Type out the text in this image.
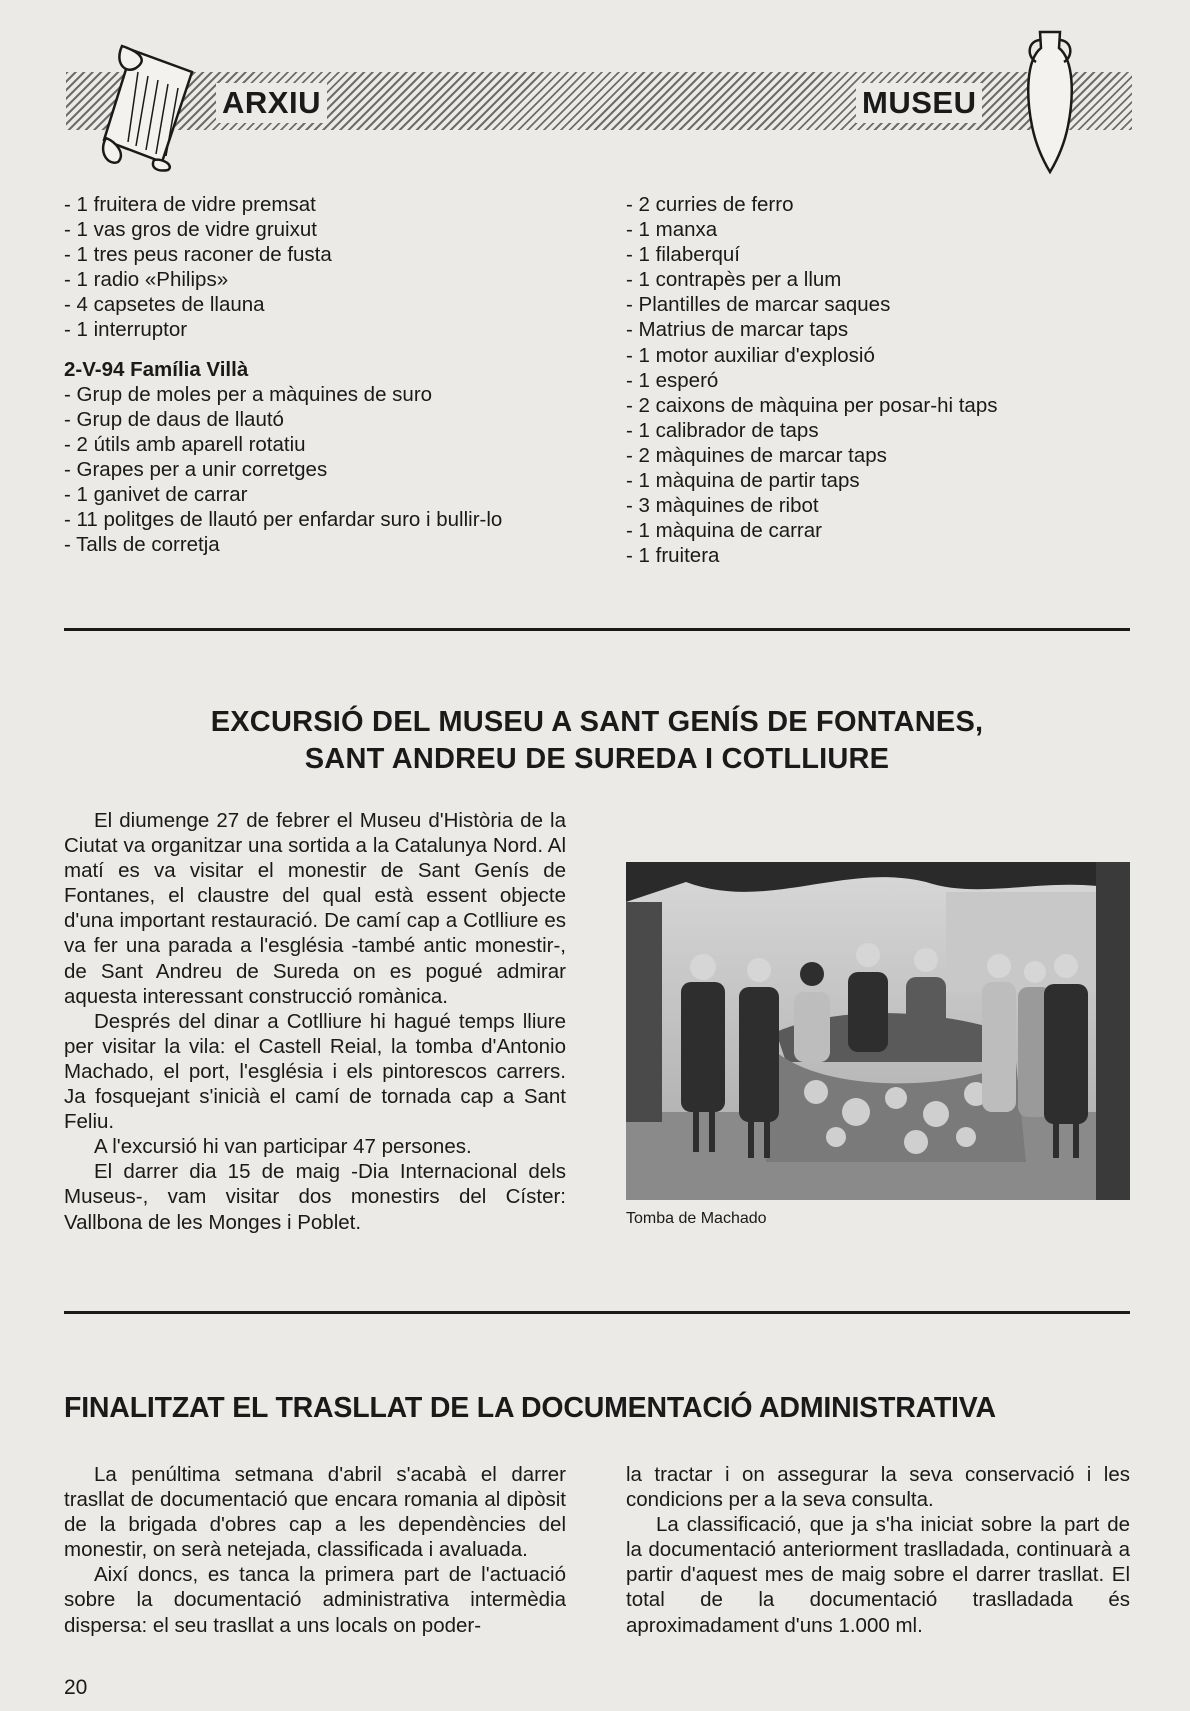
ARXIU	MUSEU
- 1 fruitera de vidre premsat
- 1 vas gros de vidre gruixut
- 1 tres peus raconer de fusta
- 1 radio «Philips»
- 4 capsetes de llauna
- 1 interruptor
2-V-94 Família Villà
- Grup de moles per a màquines de suro
- Grup de daus de llautó
- 2 útils amb aparell rotatiu
- Grapes per a unir corretges
- 1 ganivet de carrar
- 11 politges de llautó per enfardar suro i bullir-lo
- Talls de corretja
- 2 curries de ferro
- 1 manxa
- 1 filaberquí
- 1 contrapès per a llum
- Plantilles de marcar saques
- Matrius de marcar taps
- 1 motor auxiliar d'explosió
- 1 esperó
- 2 caixons de màquina per posar-hi taps
- 1 calibrador de taps
- 2 màquines de marcar taps
- 1 màquina de partir taps
- 3 màquines de ribot
- 1 màquina de carrar
- 1 fruitera
EXCURSIÓ DEL MUSEU A SANT GENÍS DE FONTANES,
SANT ANDREU DE SUREDA I COTLLIURE

El diumenge 27 de febrer el Museu d'Història de la Ciutat va organitzar una sortida a la Catalunya Nord. Al matí es va visitar el monestir de Sant Genís de Fontanes, el claustre del qual està essent objecte d'una important restauració. De camí cap a Cotlliure es va fer una parada a l'església -també antic monestir-, de Sant Andreu de Sureda on es pogué admirar aquesta interessant construcció romànica.

Després del dinar a Cotlliure hi hagué temps lliure per visitar la vila: el Castell Reial, la tomba d'Antonio Machado, el port, l'església i els pintorescos carrers. Ja fosquejant s'inicià el camí de tornada cap a Sant Feliu.

A l'excursió hi van participar 47 persones.

El darrer dia 15 de maig -Dia Internacional dels Museus-, vam visitar dos monestirs del Císter: Vallbona de les Monges i Poblet.	Tomba de Machado
FINALITZAT EL TRASLLAT DE LA DOCUMENTACIÓ ADMINISTRATIVA

La penúltima setmana d'abril s'acabà el darrer trasllat de documentació que encara romania al dipòsit de la brigada d'obres cap a les dependències del monestir, on serà netejada, classificada i avaluada.

Així doncs, es tanca la primera part de l'actuació sobre la documentació administrativa intermèdia dispersa: el seu trasllat a uns locals on poder-

la tractar i on assegurar la seva conservació i les condicions per a la seva consulta.

La classificació, que ja s'ha iniciat sobre la part de la documentació anteriorment traslladada, continuarà a partir d'aquest mes de maig sobre el darrer trasllat. El total de la documentació traslladada és aproximadament d'uns 1.000 ml.

20
